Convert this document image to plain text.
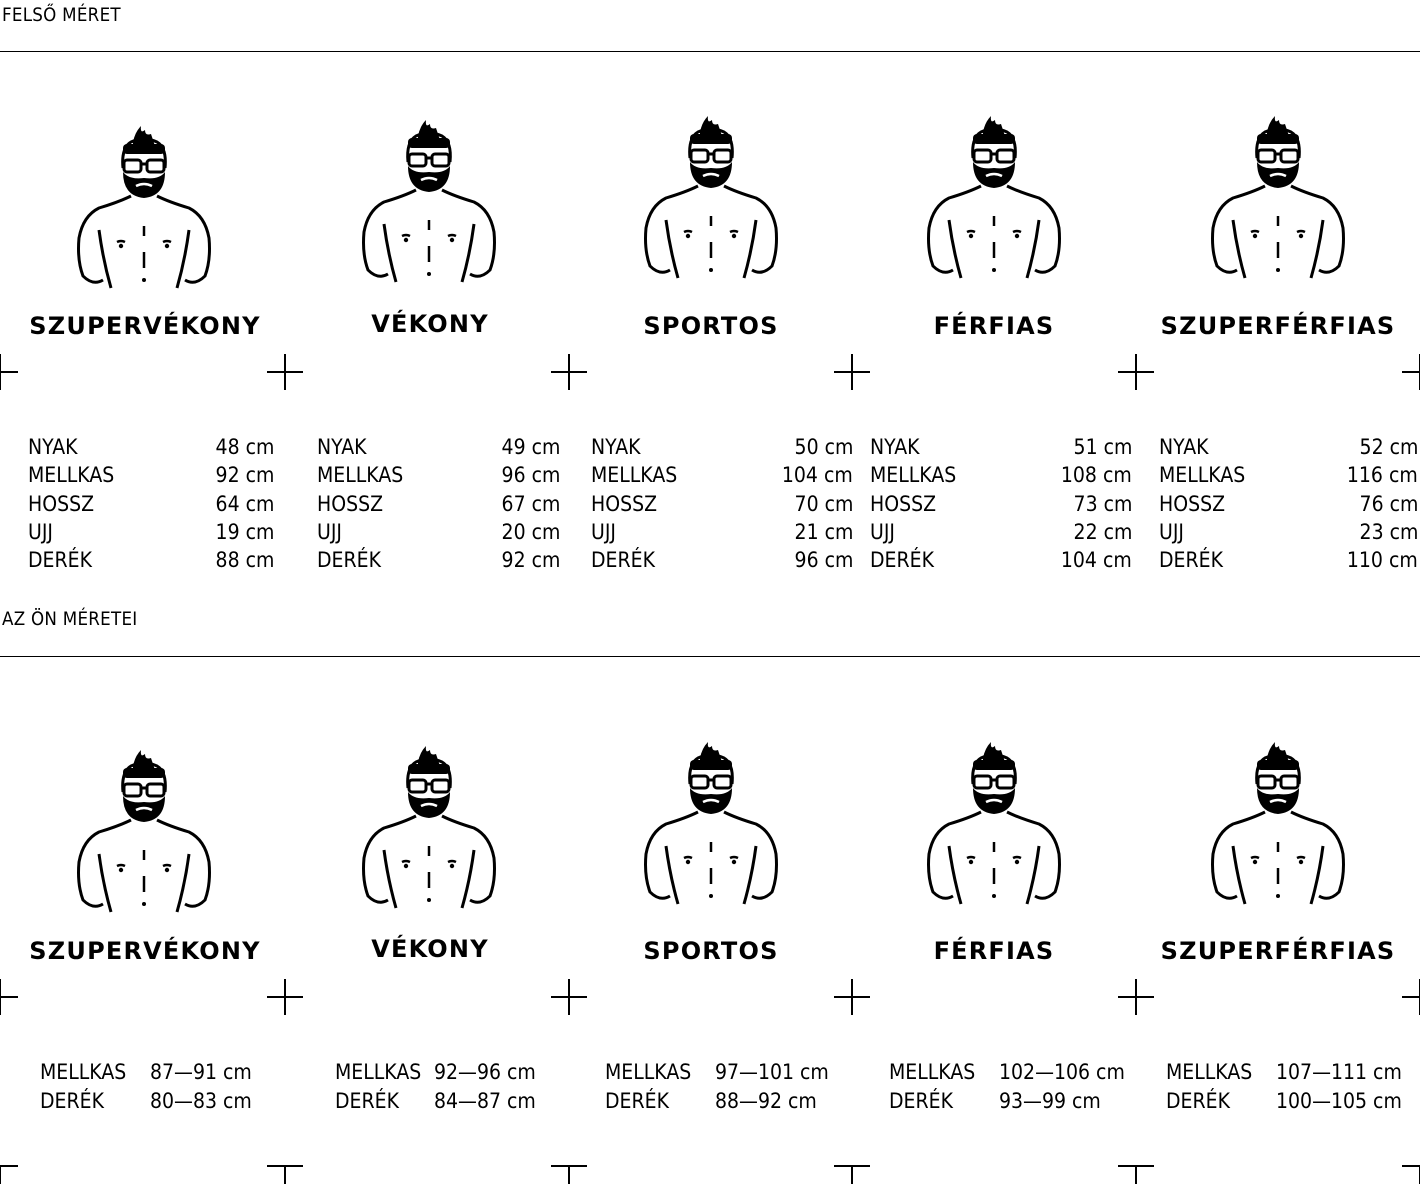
FELSŐ MÉRET
AZ ÖN MÉRETEI
SZUPERVÉKONY	VÉKONY	SPORTOS	FÉRFIAS	SZUPERFÉRFIAS
NYAK	48 cm
MELLKAS	92 cm
HOSSZ	64 cm
UJJ	19 cm
DERÉK	88 cm
NYAK	49 cm
MELLKAS	96 cm
HOSSZ	67 cm
UJJ	20 cm
DERÉK	92 cm
NYAK	50 cm
MELLKAS	104 cm
HOSSZ	70 cm
UJJ	21 cm
DERÉK	96 cm
NYAK	51 cm
MELLKAS	108 cm
HOSSZ	73 cm
UJJ	22 cm
DERÉK	104 cm
NYAK	52 cm
MELLKAS	116 cm
HOSSZ	76 cm
UJJ	23 cm
DERÉK	110 cm
SZUPERVÉKONY	VÉKONY	SPORTOS	FÉRFIAS	SZUPERFÉRFIAS
MELLKAS 87—91 cm
DERÉK 80—83 cm
MELLKAS 92—96 cm
DERÉK 84—87 cm
MELLKAS 97—101 cm
DERÉK 88—92 cm
MELLKAS 102—106 cm
DERÉK 93—99 cm
MELLKAS 107—111 cm
DERÉK 100—105 cm
